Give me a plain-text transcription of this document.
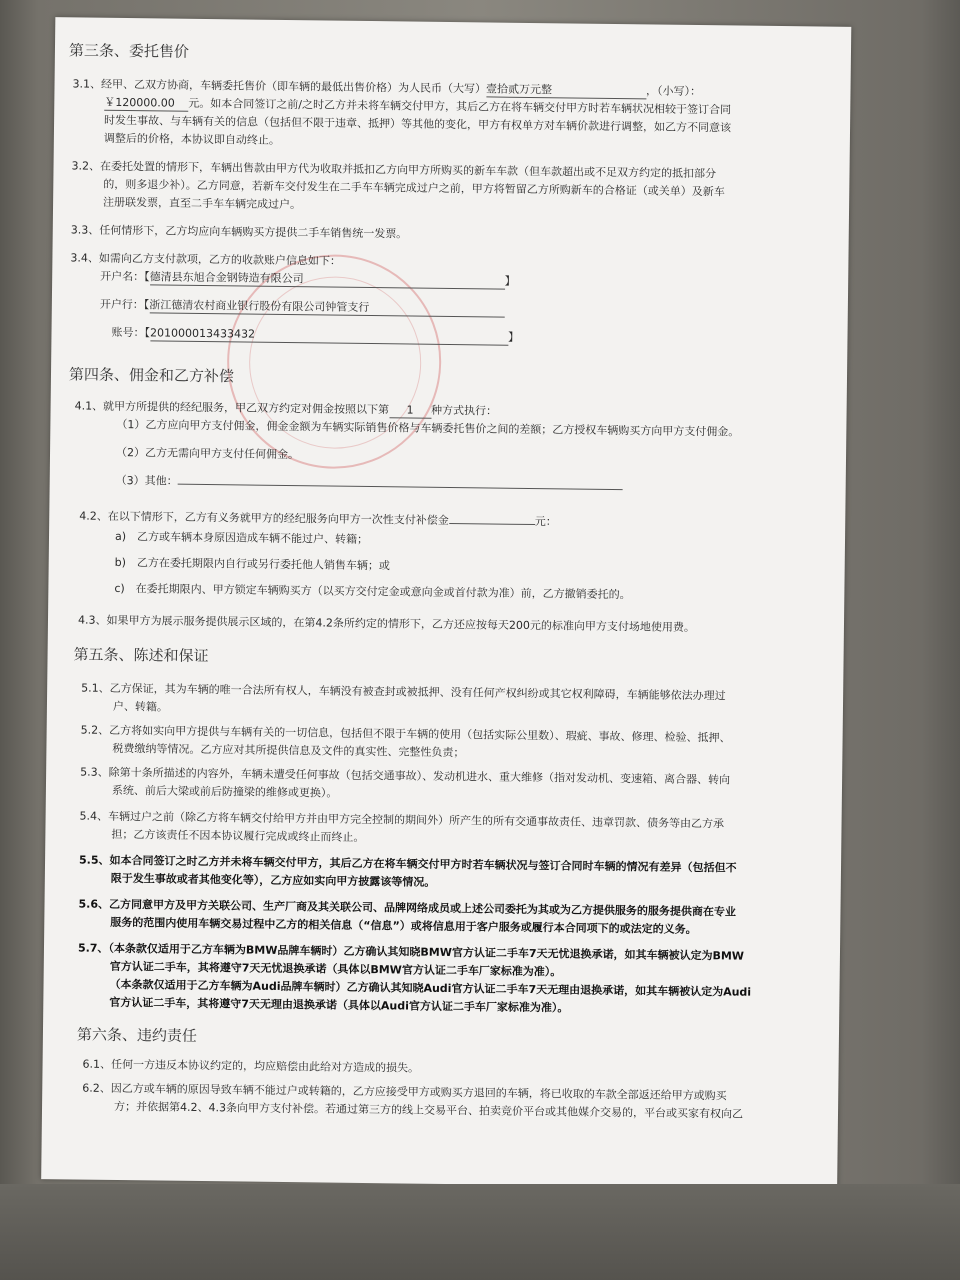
第三条、委托售价
3.1、经甲、乙双方协商，车辆委托售价（即车辆的最低出售价格）为人民币（大写）壹拾贰万元整	，（小写）：
￥120000.00 元。如本合同签订之前/之时乙方并未将车辆交付甲方，其后乙方在将车辆交付甲方时若车辆状况相较于签订合同
时发生事故、与车辆有关的信息（包括但不限于违章、抵押）等其他的变化，甲方有权单方对车辆价款进行调整，如乙方不同意该
调整后的价格，本协议即自动终止。
3.2、在委托处置的情形下，车辆出售款由甲方代为收取并抵扣乙方向甲方所购买的新车车款（但车款超出或不足双方约定的抵扣部分
的，则多退少补）。乙方同意，若新车交付发生在二手车车辆完成过户之前，甲方将暂留乙方所购新车的合格证（或关单）及新车
注册联发票，直至二手车车辆完成过户。
3.3、任何情形下，乙方均应向车辆购买方提供二手车销售统一发票。
3.4、如需向乙方支付款项，乙方的收款账户信息如下：
开户名：【德清县东旭合金钢铸造有限公司	】
开户行：【浙江德清农村商业银行股份有限公司钟管支行
账号：【201000013433432	】
第四条、佣金和乙方补偿
4.1、就甲方所提供的经纪服务，甲乙双方约定对佣金按照以下第 1 种方式执行：
（1）乙方应向甲方支付佣金，佣金金额为车辆实际销售价格与车辆委托售价之间的差额；乙方授权车辆购买方向甲方支付佣金。
（2）乙方无需向甲方支付任何佣金。
（3）其他：
4.2、在以下情形下，乙方有义务就甲方的经纪服务向甲方一次性支付补偿金	元：
a)　乙方或车辆本身原因造成车辆不能过户、转籍；
b)　乙方在委托期限内自行或另行委托他人销售车辆；或
c)　在委托期限内、甲方锁定车辆购买方（以买方交付定金或意向金或首付款为准）前，乙方撤销委托的。
4.3、如果甲方为展示服务提供展示区域的，在第4.2条所约定的情形下，乙方还应按每天200元的标准向甲方支付场地使用费。
第五条、陈述和保证
5.1、乙方保证，其为车辆的唯一合法所有权人，车辆没有被查封或被抵押、没有任何产权纠纷或其它权利障碍，车辆能够依法办理过
户、转籍。
5.2、乙方将如实向甲方提供与车辆有关的一切信息，包括但不限于车辆的使用（包括实际公里数）、瑕疵、事故、修理、检验、抵押、
税费缴纳等情况。乙方应对其所提供信息及文件的真实性、完整性负责；
5.3、除第十条所描述的内容外，车辆未遭受任何事故（包括交通事故）、发动机进水、重大维修（指对发动机、变速箱、离合器、转向
系统、前后大梁或前后防撞梁的维修或更换）。
5.4、车辆过户之前（除乙方将车辆交付给甲方并由甲方完全控制的期间外）所产生的所有交通事故责任、违章罚款、债务等由乙方承
担；乙方该责任不因本协议履行完成或终止而终止。
5.5、如本合同签订之时乙方并未将车辆交付甲方，其后乙方在将车辆交付甲方时若车辆状况与签订合同时车辆的情况有差异（包括但不
限于发生事故或者其他变化等），乙方应如实向甲方披露该等情况。
5.6、乙方同意甲方及甲方关联公司、生产厂商及其关联公司、品牌网络成员或上述公司委托为其或为乙方提供服务的服务提供商在专业
服务的范围内使用车辆交易过程中乙方的相关信息（“信息”）或将信息用于客户服务或履行本合同项下的或法定的义务。
5.7、（本条款仅适用于乙方车辆为BMW品牌车辆时）乙方确认其知晓BMW官方认证二手车7天无忧退换承诺，如其车辆被认定为BMW
官方认证二手车，其将遵守7天无忧退换承诺（具体以BMW官方认证二手车厂家标准为准）。
（本条款仅适用于乙方车辆为Audi品牌车辆时）乙方确认其知晓Audi官方认证二手车7天无理由退换承诺，如其车辆被认定为Audi
官方认证二手车，其将遵守7天无理由退换承诺（具体以Audi官方认证二手车厂家标准为准）。
第六条、违约责任
6.1、任何一方违反本协议约定的，均应赔偿由此给对方造成的损失。
6.2、因乙方或车辆的原因导致车辆不能过户或转籍的，乙方应接受甲方或购买方退回的车辆，将已收取的车款全部返还给甲方或购买
方；并依据第4.2、4.3条向甲方支付补偿。若通过第三方的线上交易平台、拍卖竞价平台或其他媒介交易的，平台或买家有权向乙
